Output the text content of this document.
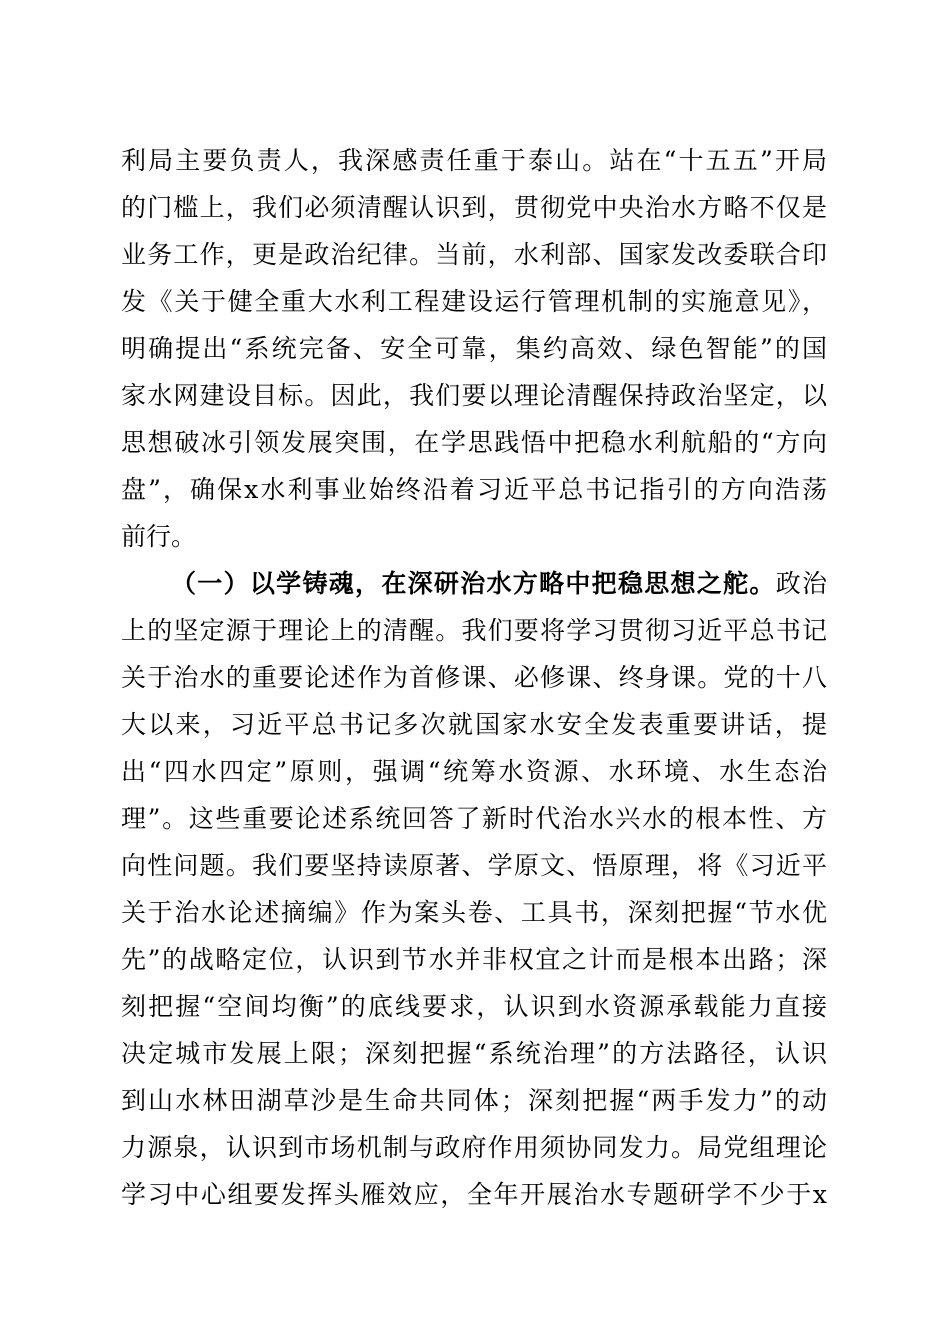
利局主要负责人，我深感责任重于泰山。站在“十五五”开局
的门槛上，我们必须清醒认识到，贯彻党中央治水方略不仅是
业务工作，更是政治纪律。当前，水利部、国家发改委联合印
发《关于健全重大水利工程建设运行管理机制的实施意见》，
明确提出“系统完备、安全可靠，集约高效、绿色智能”的国
家水网建设目标。因此，我们要以理论清醒保持政治坚定，以
思想破冰引领发展突围，在学思践悟中把稳水利航船的“方向
盘”，确保x水利事业始终沿着习近平总书记指引的方向浩荡
前行。
（一）以学铸魂，在深研治水方略中把稳思想之舵。政治
上的坚定源于理论上的清醒。我们要将学习贯彻习近平总书记
关于治水的重要论述作为首修课、必修课、终身课。党的十八
大以来，习近平总书记多次就国家水安全发表重要讲话，提
出“四水四定”原则，强调“统筹水资源、水环境、水生态治
理”。这些重要论述系统回答了新时代治水兴水的根本性、方
向性问题。我们要坚持读原著、学原文、悟原理，将《习近平
关于治水论述摘编》作为案头卷、工具书，深刻把握“节水优
先”的战略定位，认识到节水并非权宜之计而是根本出路；深
刻把握“空间均衡”的底线要求，认识到水资源承载能力直接
决定城市发展上限；深刻把握“系统治理”的方法路径，认识
到山水林田湖草沙是生命共同体；深刻把握“两手发力”的动
力源泉，认识到市场机制与政府作用须协同发力。局党组理论
学习中心组要发挥头雁效应，全年开展治水专题研学不少于x
